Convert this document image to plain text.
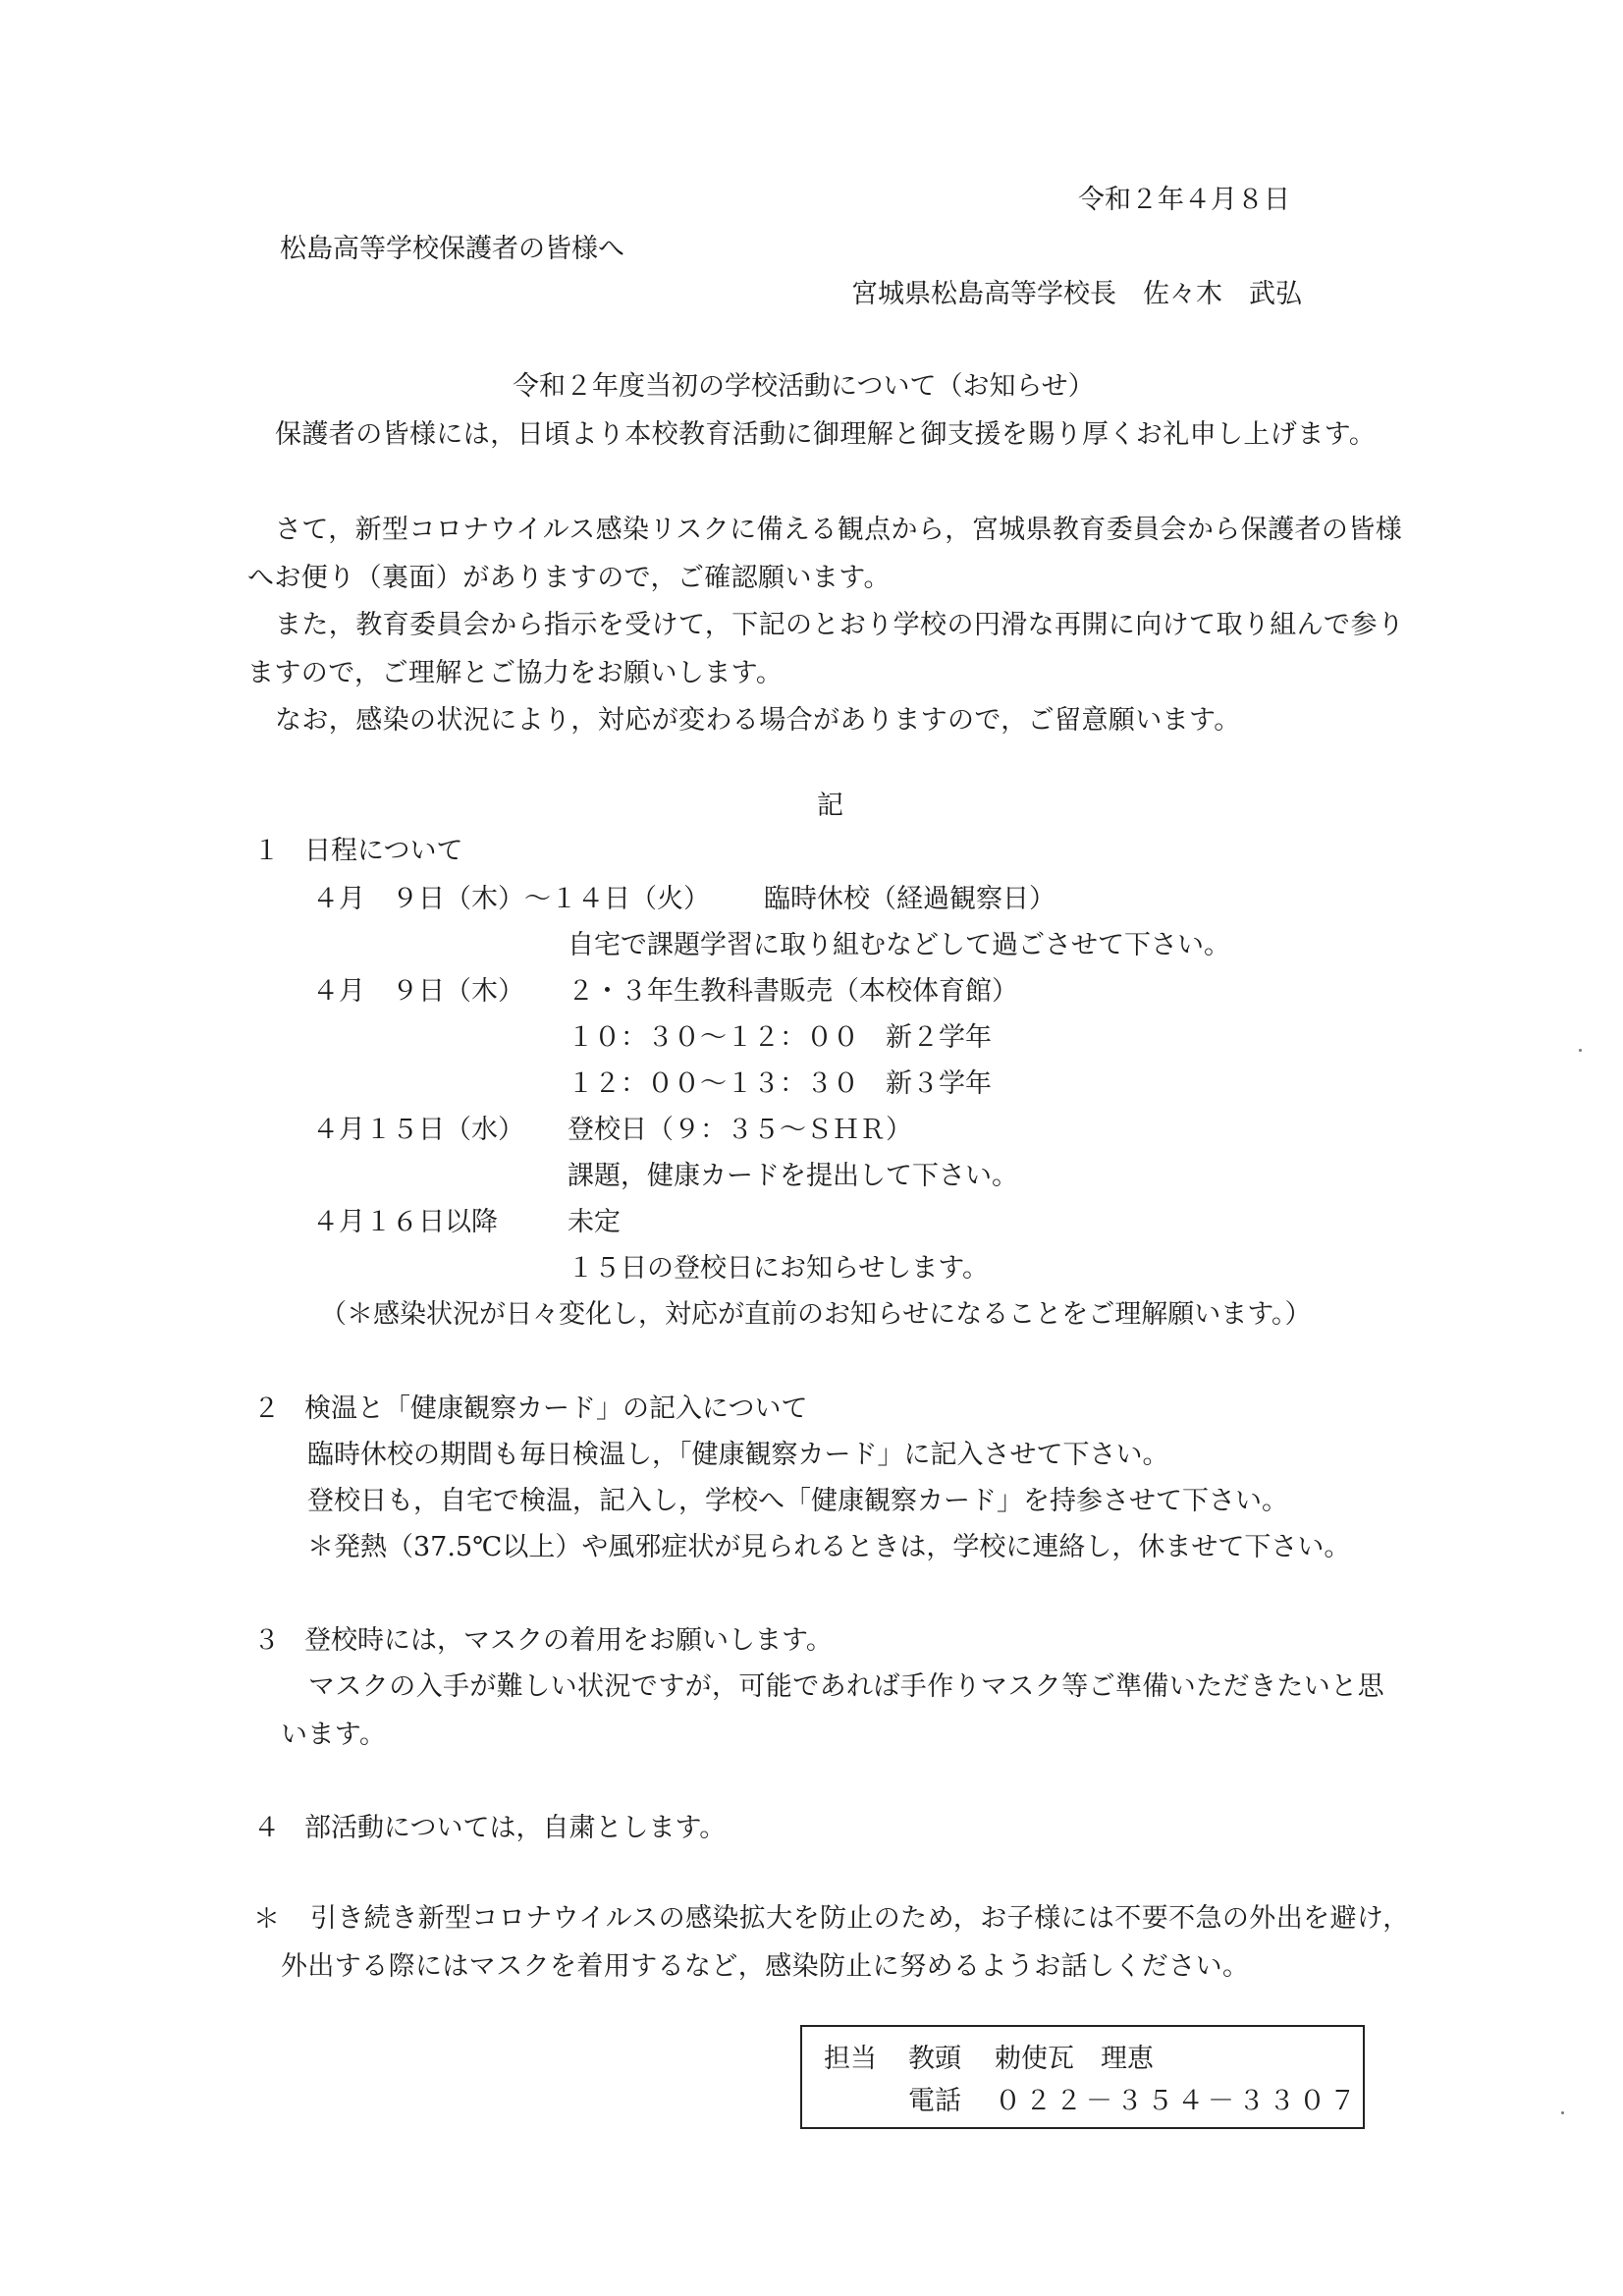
令和２年４月８日
松島高等学校保護者の皆様へ
宮城県松島高等学校長　佐々木　武弘
令和２年度当初の学校活動について（お知らせ）
保護者の皆様には，日頃より本校教育活動に御理解と御支援を賜り厚くお礼申し上げます。
さて，新型コロナウイルス感染リスクに備える観点から，宮城県教育委員会から保護者の皆様へお便り（裏面）がありますので，ご確認願います。
また，教育委員会から指示を受けて，下記のとおり学校の円滑な再開に向けて取り組んで参りますので，ご理解とご協力をお願いします。
なお，感染の状況により，対応が変わる場合がありますので，ご留意願います。
記
１ 日程について
４月　９日（木）～１４日（火） 臨時休校（経過観察日）
自宅で課題学習に取り組むなどして過ごさせて下さい。
４月　９日（木） ２・３年生教科書販売（本校体育館）
１０：３０～１２：００　新２学年
１２：００～１３：３０　新３学年
４月１５日（水） 登校日（９：３５～ＳＨＲ）
課題，健康カードを提出して下さい。
４月１６日以降	未定
１５日の登校日にお知らせします。
（＊感染状況が日々変化し，対応が直前のお知らせになることをご理解願います。）
２ 検温と「健康観察カード」の記入について
臨時休校の期間も毎日検温し，「健康観察カード」に記入させて下さい。
登校日も，自宅で検温，記入し，学校へ「健康観察カード」を持参させて下さい。
＊発熱（37.5℃以上）や風邪症状が見られるときは，学校に連絡し，休ませて下さい。
３ 登校時には，マスクの着用をお願いします。
マスクの入手が難しい状況ですが，可能であれば手作りマスク等ご準備いただきたいと思います。
４ 部活動については，自粛とします。
＊	引き続き新型コロナウイルスの感染拡大を防止のため，お子様には不要不急の外出を避け，外出する際にはマスクを着用するなど，感染防止に努めるようお話しください。
担当 教頭 勅使瓦　理恵
電話 ０２２－３５４－３３０７
